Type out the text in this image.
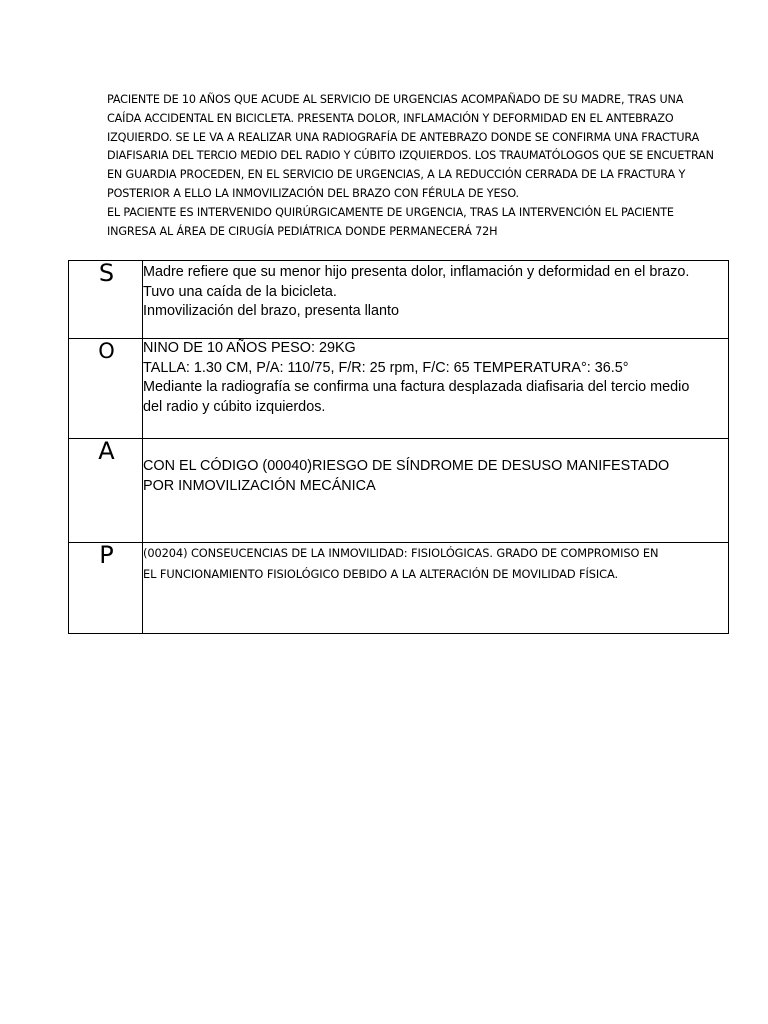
PACIENTE DE 10 AÑOS QUE ACUDE AL SERVICIO DE URGENCIAS ACOMPAÑADO DE SU MADRE, TRAS UNA
CAÍDA ACCIDENTAL EN BICICLETA. PRESENTA DOLOR, INFLAMACIÓN Y DEFORMIDAD EN EL ANTEBRAZO
IZQUIERDO. SE LE VA A REALIZAR UNA RADIOGRAFÍA DE ANTEBRAZO DONDE SE CONFIRMA UNA FRACTURA
DIAFISARIA DEL TERCIO MEDIO DEL RADIO Y CÚBITO IZQUIERDOS. LOS TRAUMATÓLOGOS QUE SE ENCUETRAN
EN GUARDIA PROCEDEN, EN EL SERVICIO DE URGENCIAS, A LA REDUCCIÓN CERRADA DE LA FRACTURA Y
POSTERIOR A ELLO LA INMOVILIZACIÓN DEL BRAZO CON FÉRULA DE YESO.
EL PACIENTE ES INTERVENIDO QUIRÚRGICAMENTE DE URGENCIA, TRAS LA INTERVENCIÓN EL PACIENTE
INGRESA AL ÁREA DE CIRUGÍA PEDIÁTRICA DONDE PERMANECERÁ 72H
S	Madre refiere que su menor hijo presenta dolor, inflamación y deformidad en el brazo.
Tuvo una caída de la bicicleta.
Inmovilización del brazo, presenta llanto

O	NINO DE 10 AÑOS PESO: 29KG
TALLA: 1.30 CM, P/A: 110/75, F/R: 25 rpm, F/C: 65 TEMPERATURA°: 36.5°
Mediante la radiografía se confirma una factura desplazada diafisaria del tercio medio
del radio y cúbito izquierdos.

A	CON EL CÓDIGO (00040)RIESGO DE SÍNDROME DE DESUSO MANIFESTADO
POR INMOVILIZACIÓN MECÁNICA

P	(00204) CONSEUCENCIAS DE LA INMOVILIDAD: FISIOLÓGICAS. GRADO DE COMPROMISO EN
EL FUNCIONAMIENTO FISIOLÓGICO DEBIDO A LA ALTERACIÓN DE MOVILIDAD FÍSICA.
